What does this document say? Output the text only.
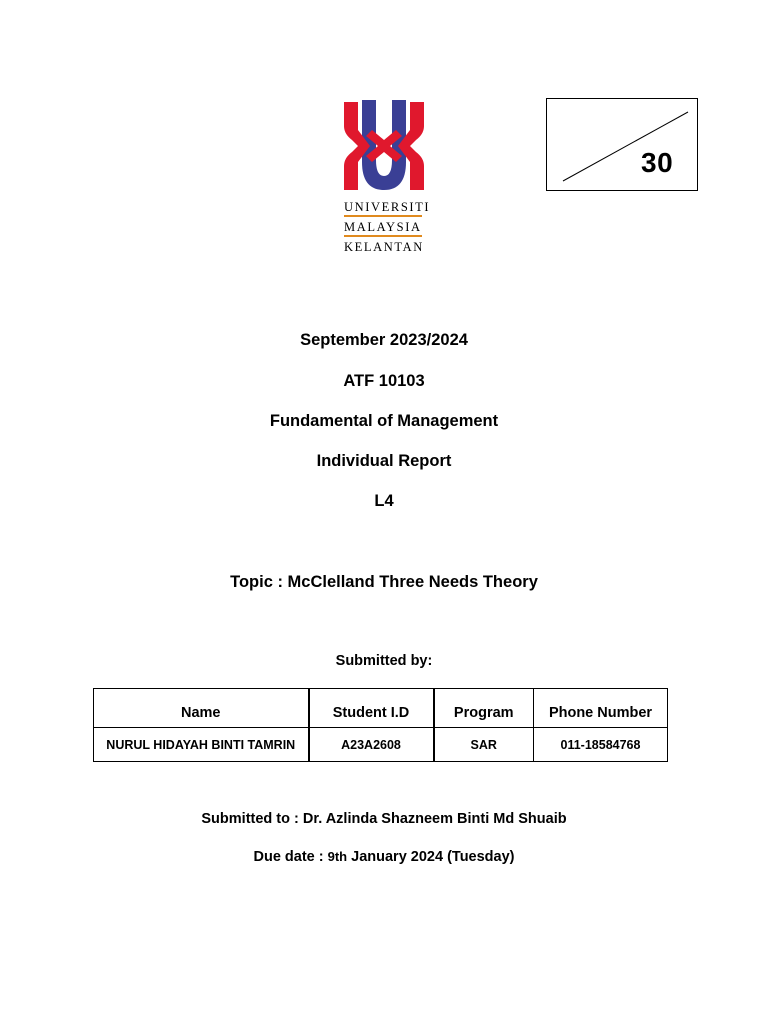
UNIVERSITI
MALAYSIA
KELANTAN
30
September 2023/2024
ATF 10103
Fundamental of Management
Individual Report
L4
Topic : McClelland Three Needs Theory
Submitted by:
Name	Student I.D	Program	Phone Number
NURUL HIDAYAH BINTI TAMRIN	A23A2608	SAR	011-18584768
Submitted to : Dr. Azlinda Shazneem Binti Md Shuaib
Due date : 9th January 2024 (Tuesday)
